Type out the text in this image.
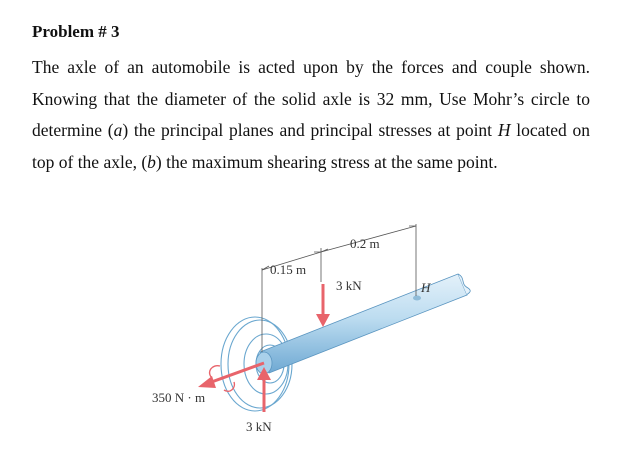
Problem # 3

The axle of an automobile is acted upon by the forces and couple shown. Knowing that the diameter of the solid axle is 32 mm, Use Mohr’s circle to determine (a) the principal planes and principal stresses at point H located on top of the axle, (b) the maximum shearing stress at the same point.

0.15 m
0.2 m
3 kN	H
3 kN
350 N · m
